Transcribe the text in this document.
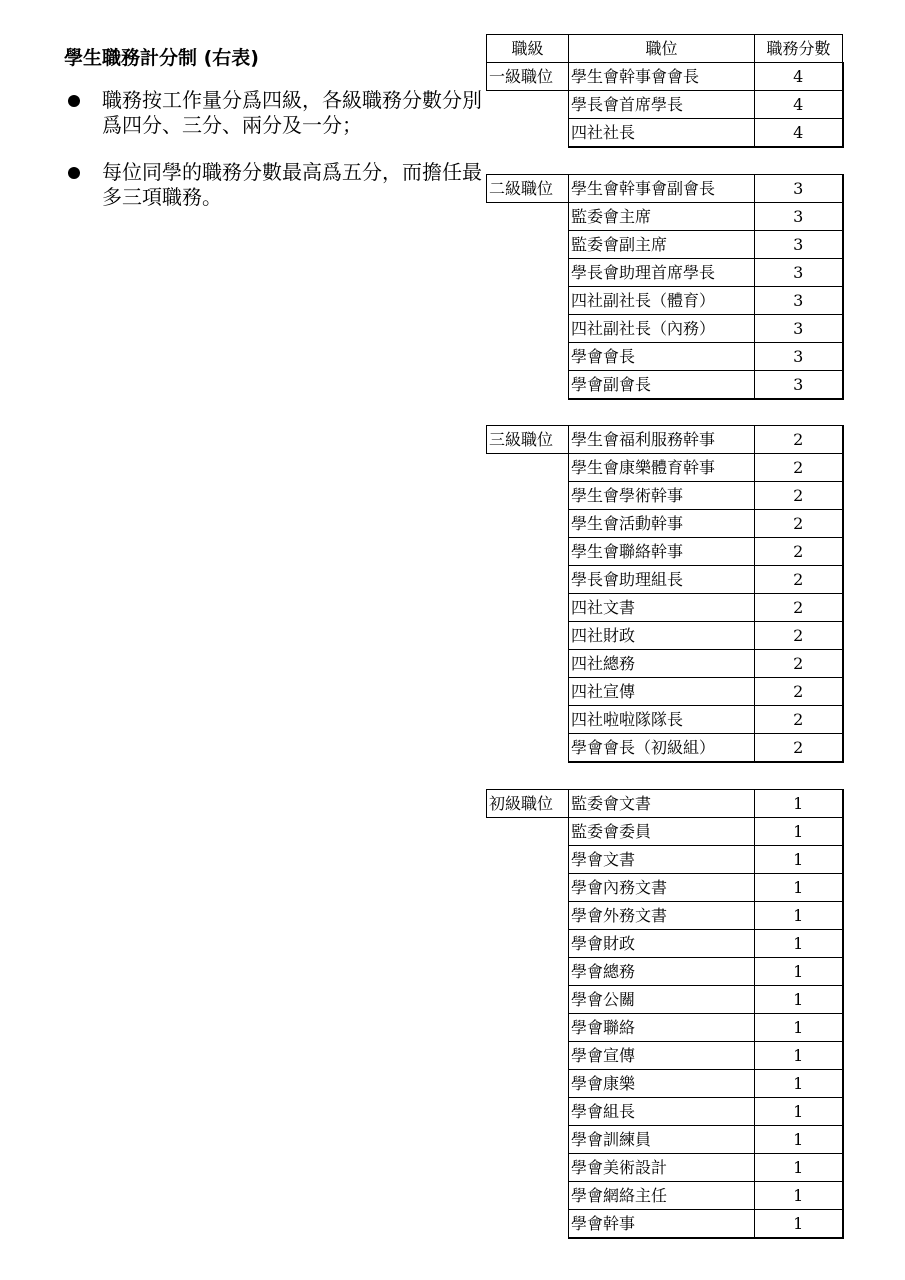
學生職務計分制 (右表)
職務按工作量分爲四級，各級職務分數分別爲四分、三分、兩分及一分；
每位同學的職務分數最高爲五分，而擔任最多三項職務。
職級	職位	職務分數
一級職位	學生會幹事會會長	4
	學長會首席學長	4
	四社社長	4

二級職位	學生會幹事會副會長	3
	監委會主席	3
	監委會副主席	3
	學長會助理首席學長	3
	四社副社長（體育）	3
	四社副社長（內務）	3
	學會會長	3
	學會副會長	3

三級職位	學生會福利服務幹事	2
	學生會康樂體育幹事	2
	學生會學術幹事	2
	學生會活動幹事	2
	學生會聯絡幹事	2
	學長會助理組長	2
	四社文書	2
	四社財政	2
	四社總務	2
	四社宣傳	2
	四社啦啦隊隊長	2
	學會會長（初級組）	2

初級職位	監委會文書	1
	監委會委員	1
	學會文書	1
	學會內務文書	1
	學會外務文書	1
	學會財政	1
	學會總務	1
	學會公關	1
	學會聯絡	1
	學會宣傳	1
	學會康樂	1
	學會組長	1
	學會訓練員	1
	學會美術設計	1
	學會網絡主任	1
	學會幹事	1
